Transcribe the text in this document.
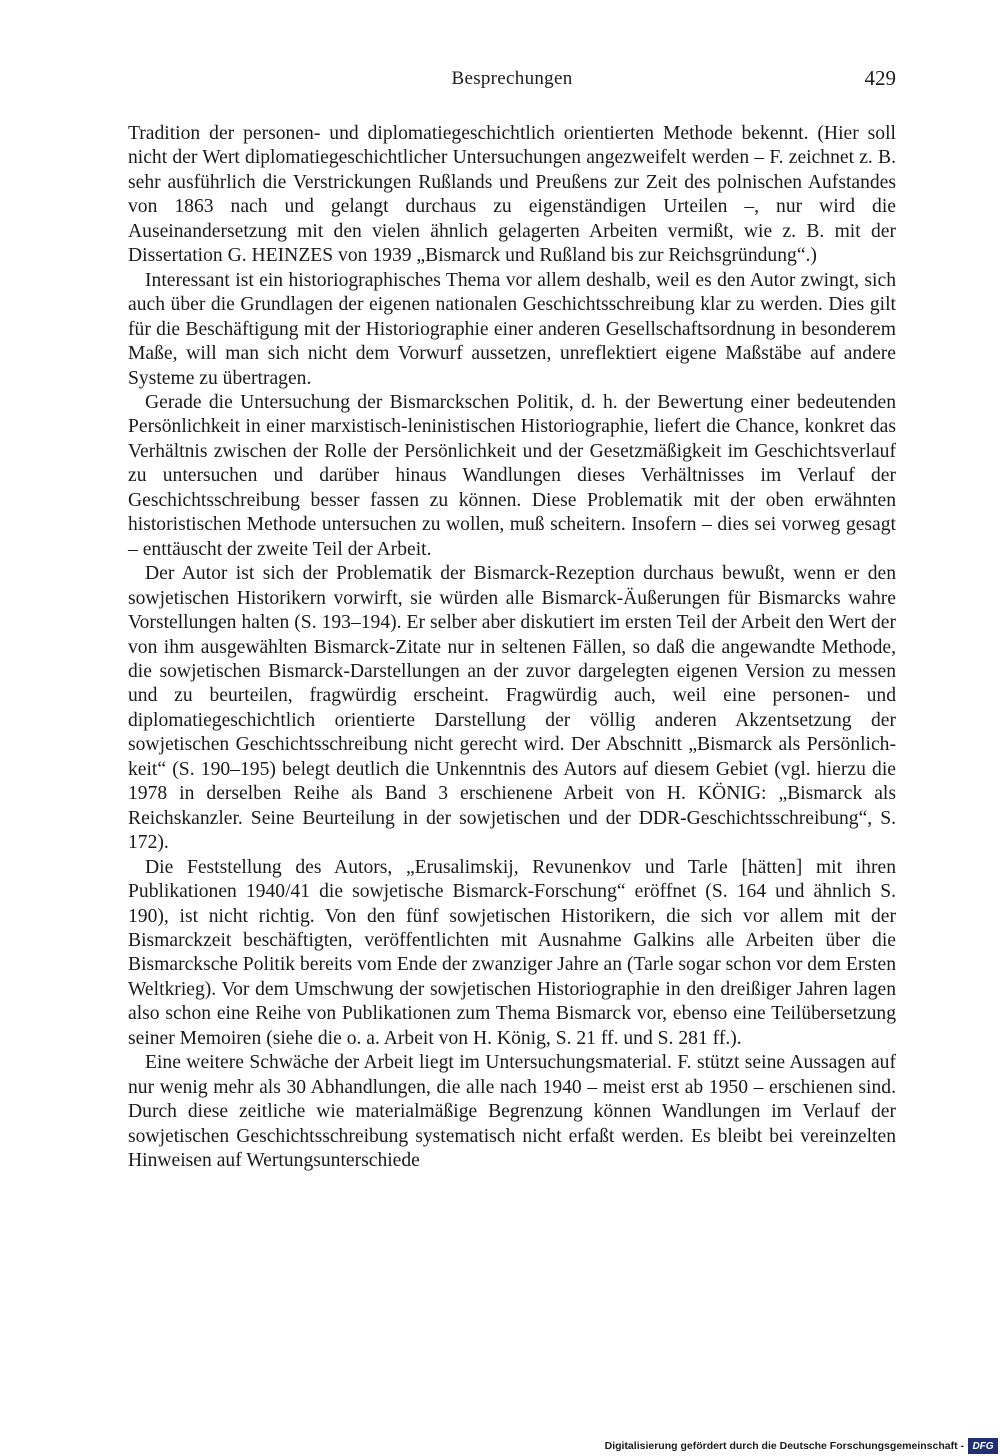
Besprechungen	429

Tradition der personen- und diplomatiegeschichtlich orientierten Methode bekennt. (Hier soll nicht der Wert diplomatiegeschichtlicher Untersuchungen angezweifelt werden – F. zeichnet z. B. sehr ausführlich die Verstrickungen Rußlands und Preußens zur Zeit des polnischen Aufstandes von 1863 nach und gelangt durchaus zu eigenständigen Urteilen –, nur wird die Auseinandersetzung mit den vielen ähnlich gelagerten Arbeiten vermißt, wie z. B. mit der Dissertation G. HEINZES von 1939 „Bismarck und Rußland bis zur Reichsgründung“.)

Interessant ist ein historiographisches Thema vor allem deshalb, weil es den Autor zwingt, sich auch über die Grundlagen der eigenen nationalen Geschichtsschreibung klar zu werden. Dies gilt für die Beschäftigung mit der Historiographie einer anderen Gesellschaftsordnung in besonderem Maße, will man sich nicht dem Vorwurf aussetzen, unreflektiert eigene Maßstäbe auf andere Systeme zu übertragen.

Gerade die Untersuchung der Bismarckschen Politik, d. h. der Bewertung einer bedeutenden Persönlichkeit in einer marxistisch-leninistischen Historiographie, liefert die Chance, konkret das Verhältnis zwischen der Rolle der Persönlichkeit und der Gesetzmäßigkeit im Geschichtsverlauf zu untersuchen und darüber hinaus Wandlungen dieses Verhältnisses im Verlauf der Geschichtsschreibung besser fassen zu können. Diese Problematik mit der oben erwähnten historistischen Methode untersuchen zu wollen, muß scheitern. Insofern – dies sei vorweg gesagt – enttäuscht der zweite Teil der Arbeit.

Der Autor ist sich der Problematik der Bismarck-Rezeption durchaus bewußt, wenn er den sowjetischen Historikern vorwirft, sie würden alle Bismarck-Äußerungen für Bismarcks wahre Vorstellungen halten (S. 193–194). Er selber aber diskutiert im ersten Teil der Arbeit den Wert der von ihm ausgewählten Bismarck-Zitate nur in seltenen Fällen, so daß die angewandte Methode, die sowjetischen Bismarck-Darstellungen an der zuvor dargelegten eigenen Version zu messen und zu beurteilen, fragwürdig erscheint. Fragwürdig auch, weil eine personen- und diplomatiegeschichtlich orientierte Darstellung der völlig anderen Akzentsetzung der sowjetischen Geschichtsschreibung nicht gerecht wird. Der Abschnitt „Bismarck als Persönlichkeit“ (S. 190–195) belegt deutlich die Unkenntnis des Autors auf diesem Gebiet (vgl. hierzu die 1978 in derselben Reihe als Band 3 erschienene Arbeit von H. KÖNIG: „Bismarck als Reichskanzler. Seine Beurteilung in der sowjetischen und der DDR-Geschichtsschreibung“, S. 172).

Die Feststellung des Autors, „Erusalimskij, Revunenkov und Tarle [hätten] mit ihren Publikationen 1940/41 die sowjetische Bismarck-Forschung“ eröffnet (S. 164 und ähnlich S. 190), ist nicht richtig. Von den fünf sowjetischen Historikern, die sich vor allem mit der Bismarckzeit beschäftigten, veröffentlichten mit Ausnahme Galkins alle Arbeiten über die Bismarcksche Politik bereits vom Ende der zwanziger Jahre an (Tarle sogar schon vor dem Ersten Weltkrieg). Vor dem Umschwung der sowjetischen Historiographie in den dreißiger Jahren lagen also schon eine Reihe von Publikationen zum Thema Bismarck vor, ebenso eine Teilübersetzung seiner Memoiren (siehe die o. a. Arbeit von H. König, S. 21 ff. und S. 281 ff.).

Eine weitere Schwäche der Arbeit liegt im Untersuchungsmaterial. F. stützt seine Aussagen auf nur wenig mehr als 30 Abhandlungen, die alle nach 1940 – meist erst ab 1950 – erschienen sind. Durch diese zeitliche wie materialmäßige Begrenzung können Wandlungen im Verlauf der sowjetischen Geschichtsschreibung systematisch nicht erfaßt werden. Es bleibt bei vereinzelten Hinweisen auf Wertungsunterschiede

Digitalisierung gefördert durch die Deutsche Forschungsgemeinschaft - DFG
